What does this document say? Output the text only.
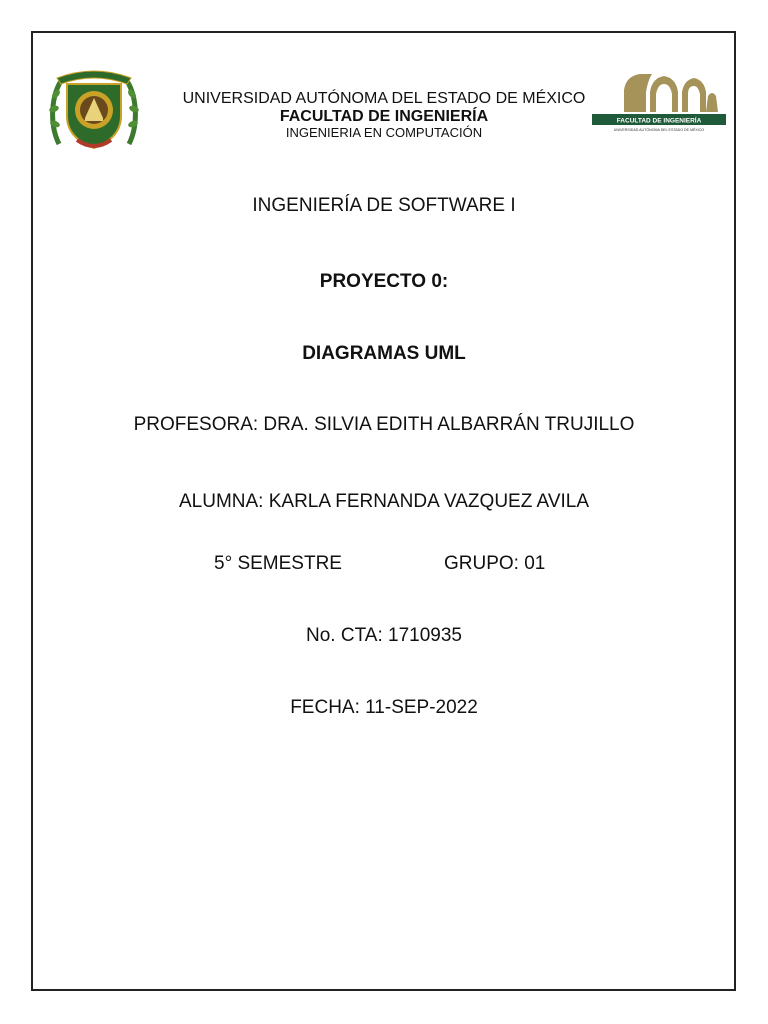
FACULTAD DE INGENIERÍA
UNIVERSIDAD AUTÓNOMA DEL ESTADO DE MÉXICO
UNIVERSIDAD AUTÓNOMA DEL ESTADO DE MÉXICO
FACULTAD DE INGENIERÍA
INGENIERIA EN COMPUTACIÓN
INGENIERÍA DE SOFTWARE I
PROYECTO 0:
DIAGRAMAS UML
PROFESORA: DRA. SILVIA EDITH ALBARRÁN TRUJILLO
ALUMNA: KARLA FERNANDA VAZQUEZ AVILA
5° SEMESTRE	GRUPO: 01
No. CTA: 1710935
FECHA: 11-SEP-2022
